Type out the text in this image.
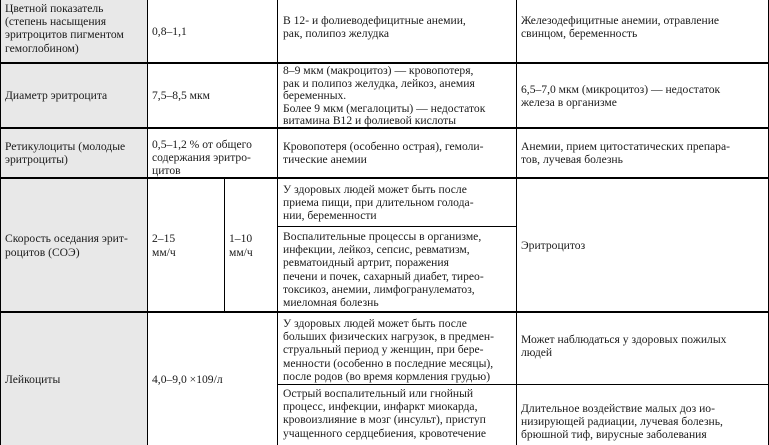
Цветной показатель
(степень насыщения
эритроцитов пигментом
гемоглобином)
0,8–1,1
В 12- и фолиеводефицитные анемии,
рак, полипоз желудка
Железодефицитные анемии, отравление
свинцом, беременность
Диаметр эритроцита	7,5–8,5 мкм
8–9 мкм (макроцитоз) — кровопотеря,
рак и полипоз желудка, лейкоз, анемия
беременных.
Более 9 мкм (мегалоциты) — недостаток
витамина В12 и фолиевой кислоты
6,5–7,0 мкм (микроцитоз) — недостаток
железа в организме
Ретикулоциты (молодые
эритроциты)
0,5–1,2 % от общего
содержания эритро-
цитов
Кровопотеря (особенно острая), гемоли-
тические анемии
Анемии, прием цитостатических препара-
тов, лучевая болезнь
Скорость оседания эрит-
роцитов (СОЭ)
2–15
мм/ч
1–10
мм/ч
У здоровых людей может быть после
приема пищи, при длительном голода-
нии, беременности
Воспалительные процессы в организме,
инфекции, лейкоз, сепсис, ревматизм,
ревматоидный артрит, поражения
печени и почек, сахарный диабет, тирео-
токсикоз, анемии, лимфогранулематоз,
миеломная болезнь
Эритроцитоз
Лейкоциты	4,0–9,0 ×109/л
У здоровых людей может быть после
больших физических нагрузок, в предмен-
струальный период у женщин, при бере-
менности (особенно в последние месяцы),
после родов (во время кормления грудью)
Острый воспалительный или гнойный
процесс, инфекции, инфаркт миокарда,
кровоизлияние в мозг (инсульт), приступ
учащенного сердцебиения, кровотечение
Может наблюдаться у здоровых пожилых
людей
Длительное воздействие малых доз ио-
низирующей радиации, лучевая болезнь,
брюшной тиф, вирусные заболевания
